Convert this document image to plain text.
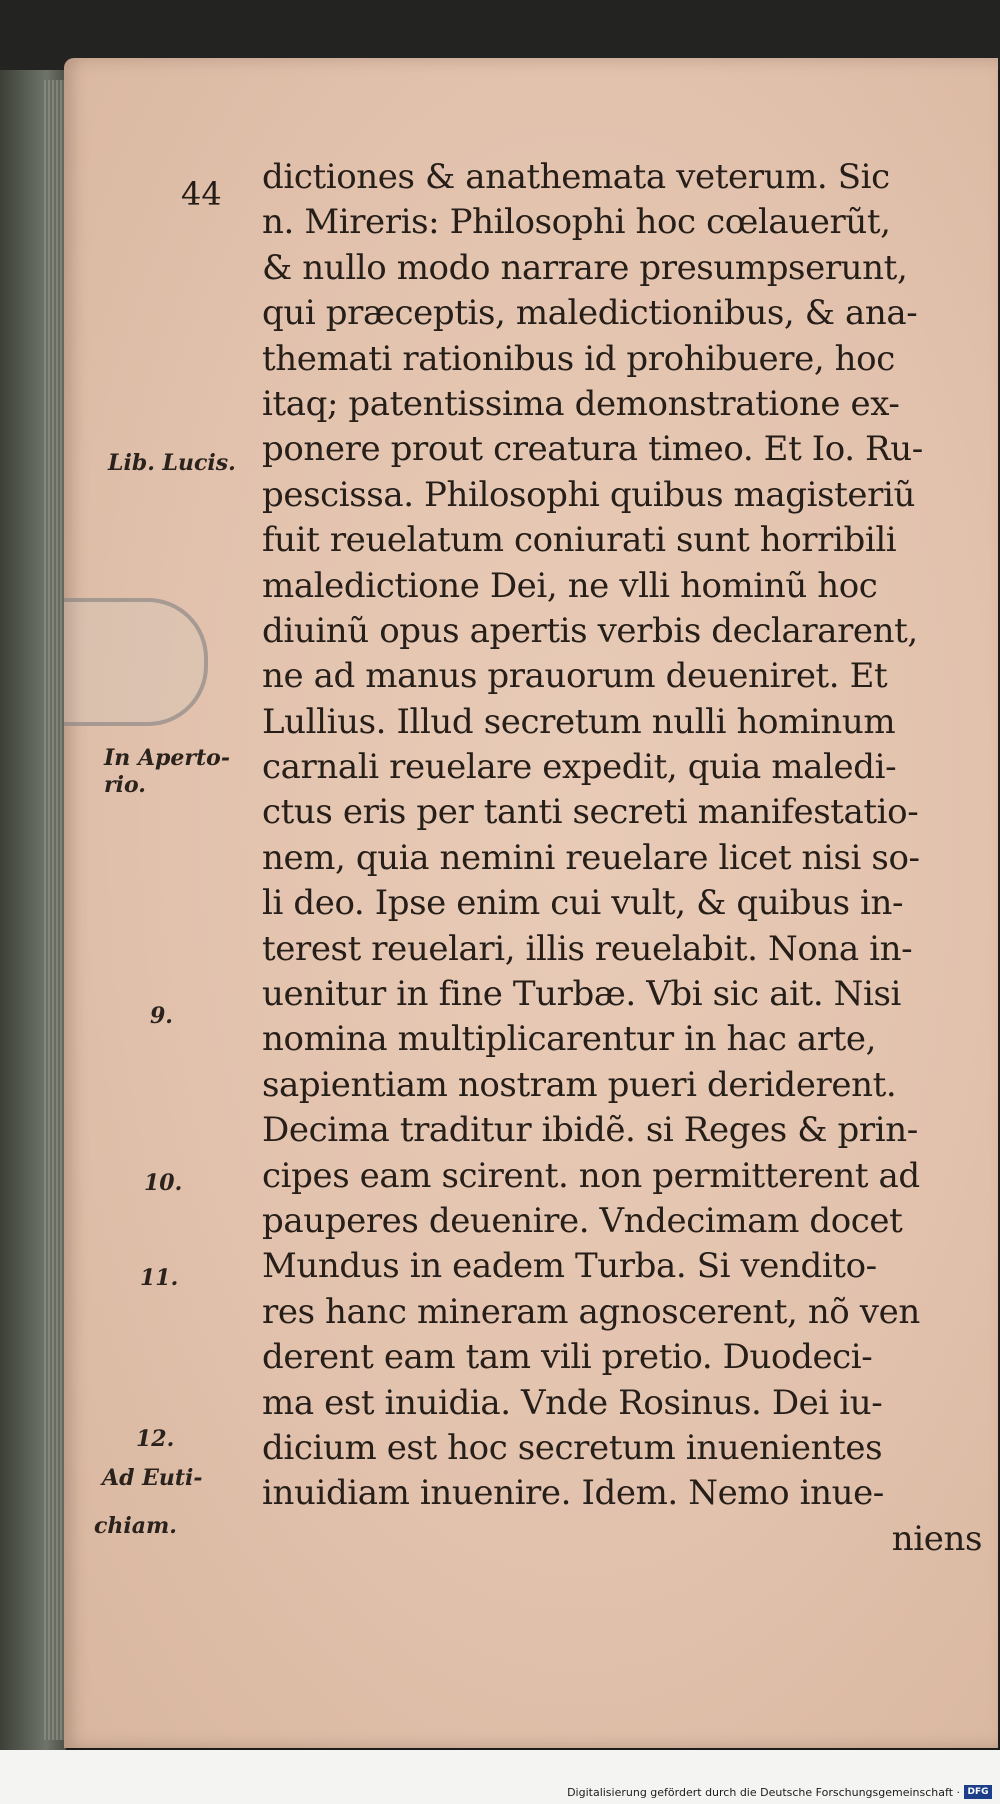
44
Lib. Lucis.
In Aperto-
rio.
9.
10.
11.
12.
Ad Euti-
chiam.
dictiones & anathemata veterum. Sic
n. Mireris: Philosophi hoc cœlauerũt,
& nullo modo narrare presumpserunt,
qui præceptis, maledictionibus, & ana-
themati rationibus id prohibuere, hoc
itaq; patentissima demonstratione ex-
ponere prout creatura timeo. Et Io. Ru-
pescissa. Philosophi quibus magisteriũ
fuit reuelatum coniurati sunt horribili
maledictione Dei, ne vlli hominũ hoc
diuinũ opus apertis verbis declararent,
ne ad manus prauorum deueniret. Et
Lullius. Illud secretum nulli hominum
carnali reuelare expedit, quia maledi-
ctus eris per tanti secreti manifestatio-
nem, quia nemini reuelare licet nisi so-
li deo. Ipse enim cui vult, & quibus in-
terest reuelari, illis reuelabit. Nona in-
uenitur in fine Turbæ. Vbi sic ait. Nisi
nomina multiplicarentur in hac arte,
sapientiam nostram pueri deriderent.
Decima traditur ibidẽ. si Reges & prin-
cipes eam scirent. non permitterent ad
pauperes deuenire. Vndecimam docet
Mundus in eadem Turba. Si vendito-
res hanc mineram agnoscerent, nõ ven
derent eam tam vili pretio. Duodeci-
ma est inuidia. Vnde Rosinus. Dei iu-
dicium est hoc secretum inuenientes
inuidiam inuenire. Idem. Nemo inue-
niens
Digitalisierung gefördert durch die Deutsche Forschungsgemeinschaft · DFG
